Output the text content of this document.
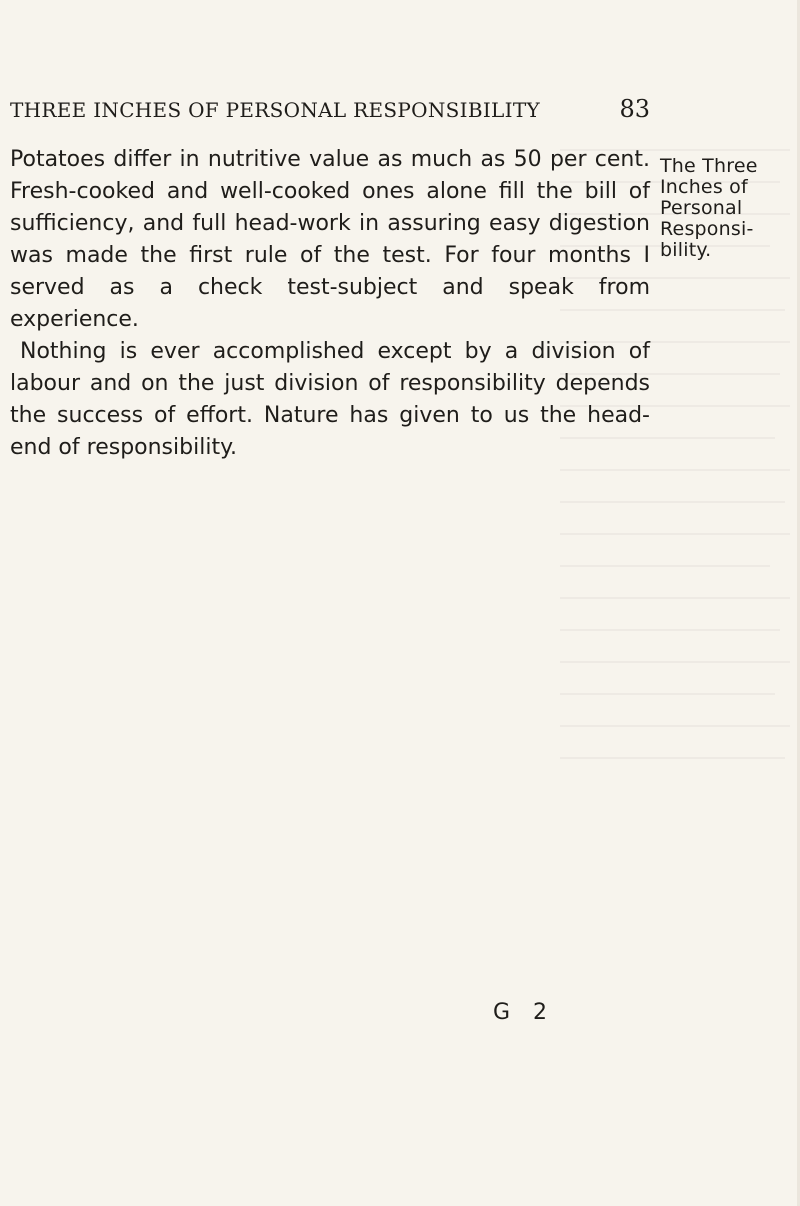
THREE INCHES OF PERSONAL RESPONSIBILITY	83

Potatoes differ in nutritive value as much as 50 per cent. Fresh-cooked and well-cooked ones alone fill the bill of sufficiency, and full head-work in assuring easy digestion was made the first rule of the test. For four months I served as a check test-subject and speak from experience.

Nothing is ever accomplished except by a division of labour and on the just division of responsibility depends the success of effort. Nature has given to us the head-end of responsibility.

The Three
Inches of
Personal
Responsi-
bility.
G 2
